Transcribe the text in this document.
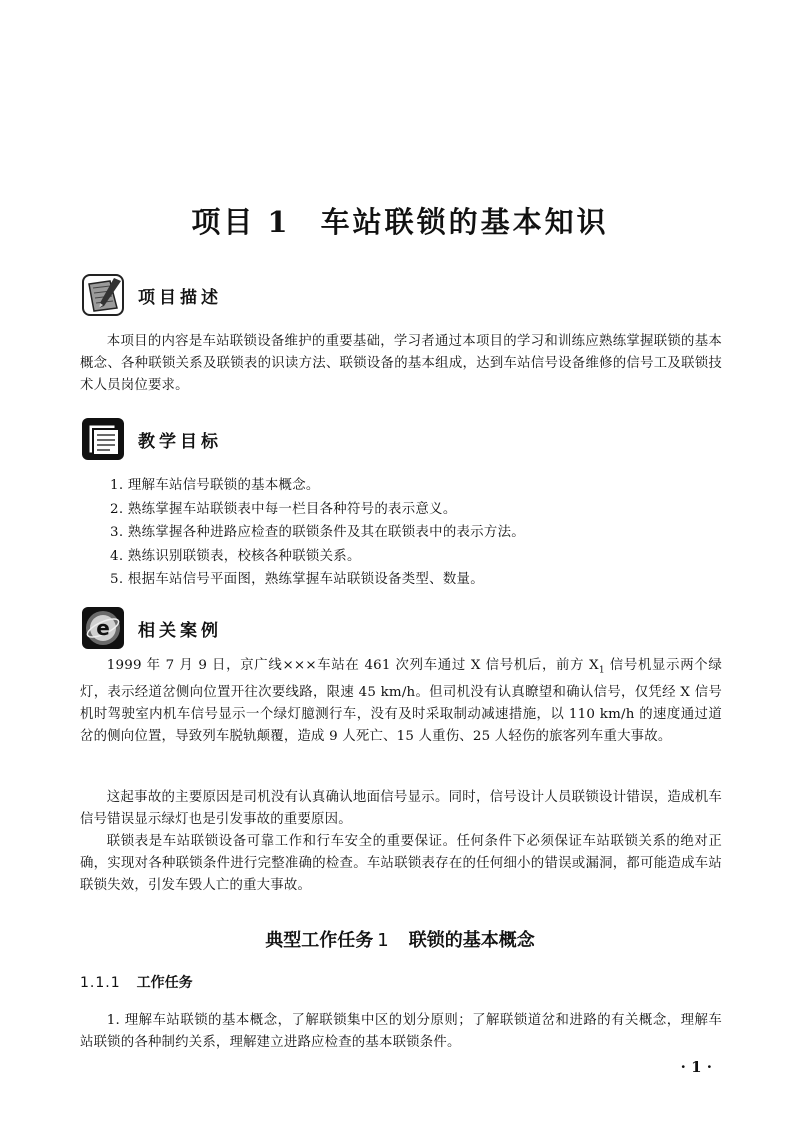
项目 1 车站联锁的基本知识
项目描述

本项目的内容是车站联锁设备维护的重要基础，学习者通过本项目的学习和训练应熟练掌握联锁的基本概念、各种联锁关系及联锁表的识读方法、联锁设备的基本组成，达到车站信号设备维修的信号工及联锁技术人员岗位要求。

教学目标
1. 理解车站信号联锁的基本概念。
2. 熟练掌握车站联锁表中每一栏目各种符号的表示意义。
3. 熟练掌握各种进路应检查的联锁条件及其在联锁表中的表示方法。
4. 熟练识别联锁表，校核各种联锁关系。
5. 根据车站信号平面图，熟练掌握车站联锁设备类型、数量。
e 相关案例

1999 年 7 月 9 日，京广线×××车站在 461 次列车通过 X 信号机后，前方 $X_1$ 信号机显示两个绿灯，表示经道岔侧向位置开往次要线路，限速 45 km/h。但司机没有认真瞭望和确认信号，仅凭经 X 信号机时驾驶室内机车信号显示一个绿灯臆测行车，没有及时采取制动减速措施，以 110 km/h 的速度通过道岔的侧向位置，导致列车脱轨颠覆，造成 9 人死亡、15 人重伤、25 人轻伤的旅客列车重大事故。

这起事故的主要原因是司机没有认真确认地面信号显示。同时，信号设计人员联锁设计错误，造成机车信号错误显示绿灯也是引发事故的重要原因。

联锁表是车站联锁设备可靠工作和行车安全的重要保证。任何条件下必须保证车站联锁关系的绝对正确，实现对各种联锁条件进行完整准确的检查。车站联锁表存在的任何细小的错误或漏洞，都可能造成车站联锁失效，引发车毁人亡的重大事故。

典型工作任务 1 联锁的基本概念
1.1.1 工作任务

1. 理解车站联锁的基本概念，了解联锁集中区的划分原则；了解联锁道岔和进路的有关概念，理解车站联锁的各种制约关系，理解建立进路应检查的基本联锁条件。

· 1 ·
